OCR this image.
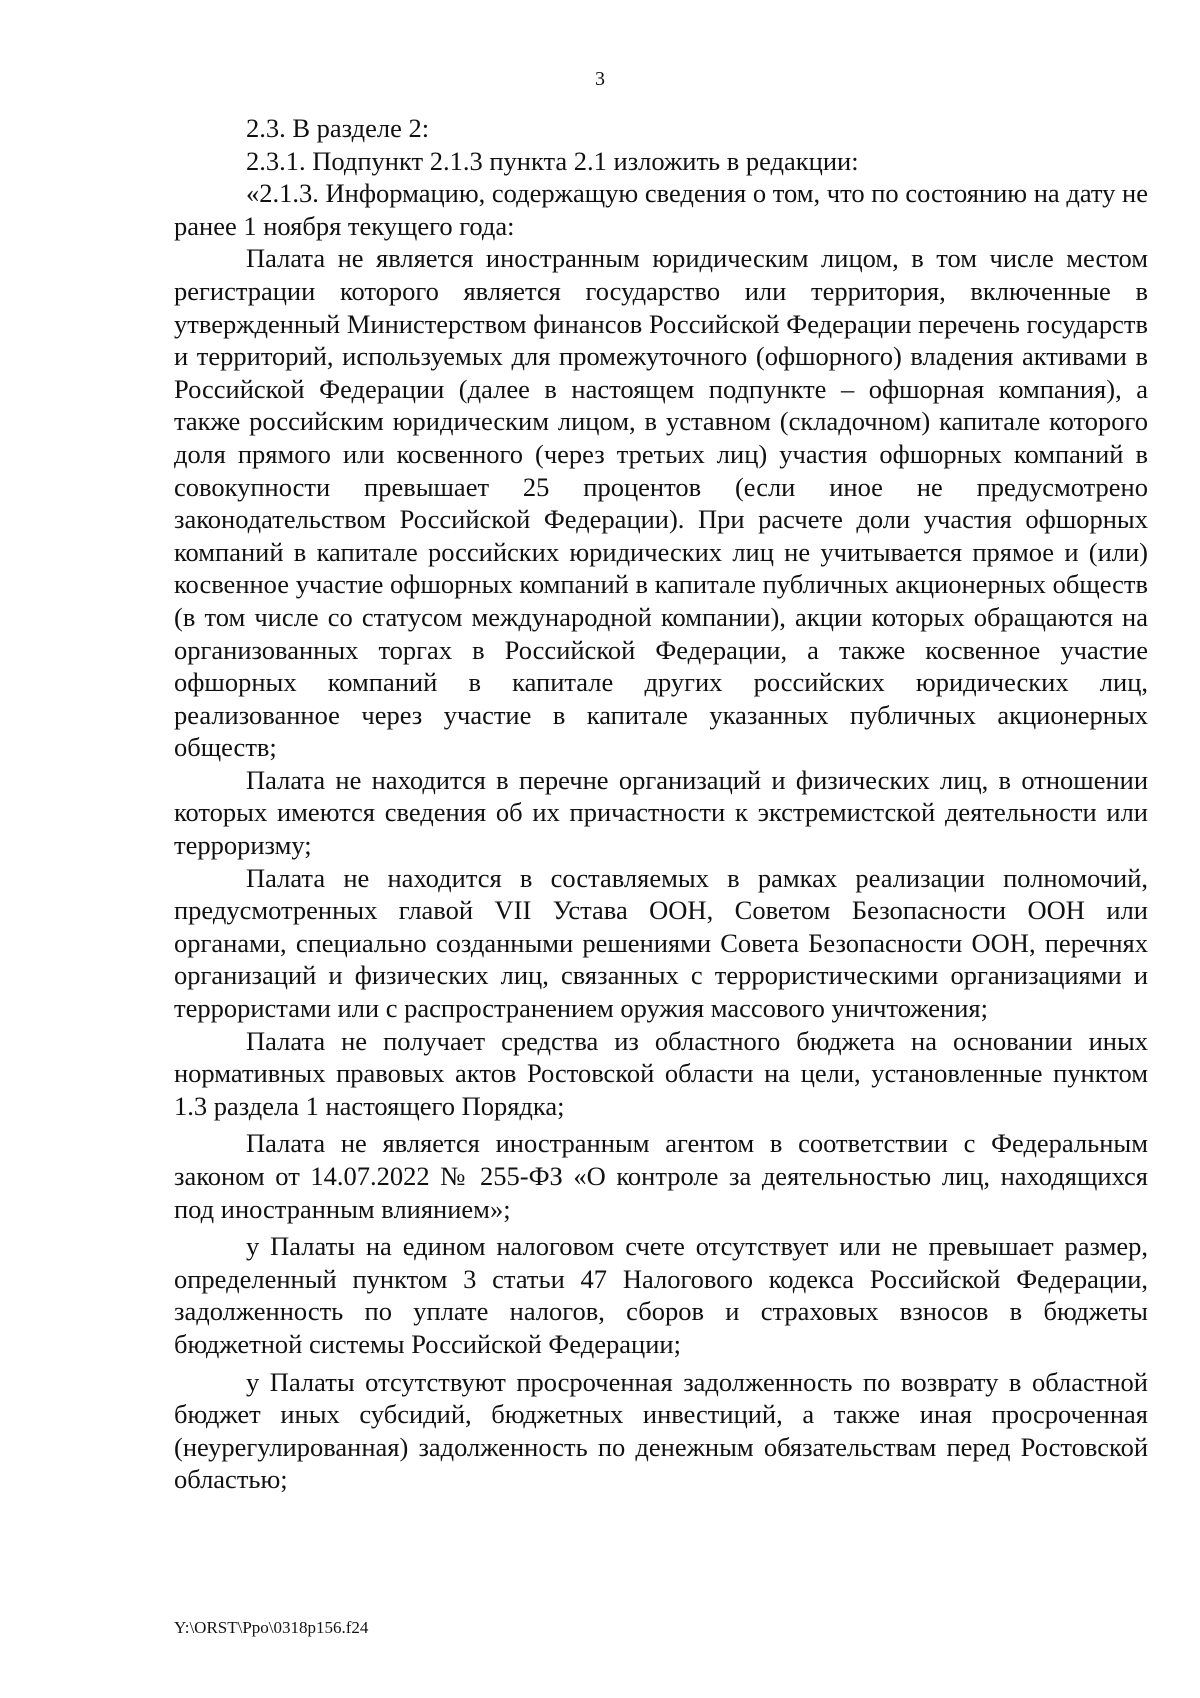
3

2.3. В разделе 2:

2.3.1. Подпункт 2.1.3 пункта 2.1 изложить в редакции:

«2.1.3. Информацию, содержащую сведения о том, что по состоянию на дату не ранее 1 ноября текущего года:

Палата не является иностранным юридическим лицом, в том числе местом регистрации которого является государство или территория, включенные в утвержденный Министерством финансов Российской Федерации перечень государств и территорий, используемых для промежуточного (офшорного) владения активами в Российской Федерации (далее в настоящем подпункте – офшорная компания), а также российским юридическим лицом, в уставном (складочном) капитале которого доля прямого или косвенного (через третьих лиц) участия офшорных компаний в совокупности превышает 25 процентов (если иное не предусмотрено законодательством Российской Федерации). При расчете доли участия офшорных компаний в капитале российских юридических лиц не учитывается прямое и (или) косвенное участие офшорных компаний в капитале публичных акционерных обществ (в том числе со статусом международной компании), акции которых обращаются на организованных торгах в Российской Федерации, а также косвенное участие офшорных компаний в капитале других российских юридических лиц, реализованное через участие в капитале указанных публичных акционерных обществ;

Палата не находится в перечне организаций и физических лиц, в отношении которых имеются сведения об их причастности к экстремистской деятельности или терроризму;

Палата не находится в составляемых в рамках реализации полномочий, предусмотренных главой VII Устава ООН, Советом Безопасности ООН или органами, специально созданными решениями Совета Безопасности ООН, перечнях организаций и физических лиц, связанных с террористическими организациями и террористами или с распространением оружия массового уничтожения;

Палата не получает средства из областного бюджета на основании иных нормативных правовых актов Ростовской области на цели, установленные пунктом 1.3 раздела 1 настоящего Порядка;

Палата не является иностранным агентом в соответствии с Федеральным законом от 14.07.2022 № 255-ФЗ «О контроле за деятельностью лиц, находящихся под иностранным влиянием»;

у Палаты на едином налоговом счете отсутствует или не превышает размер, определенный пунктом 3 статьи 47 Налогового кодекса Российской Федерации, задолженность по уплате налогов, сборов и страховых взносов в бюджеты бюджетной системы Российской Федерации;

у Палаты отсутствуют просроченная задолженность по возврату в областной бюджет иных субсидий, бюджетных инвестиций, а также иная просроченная (неурегулированная) задолженность по денежным обязательствам перед Ростовской областью;

Y:\ORST\Ppo\0318p156.f24
